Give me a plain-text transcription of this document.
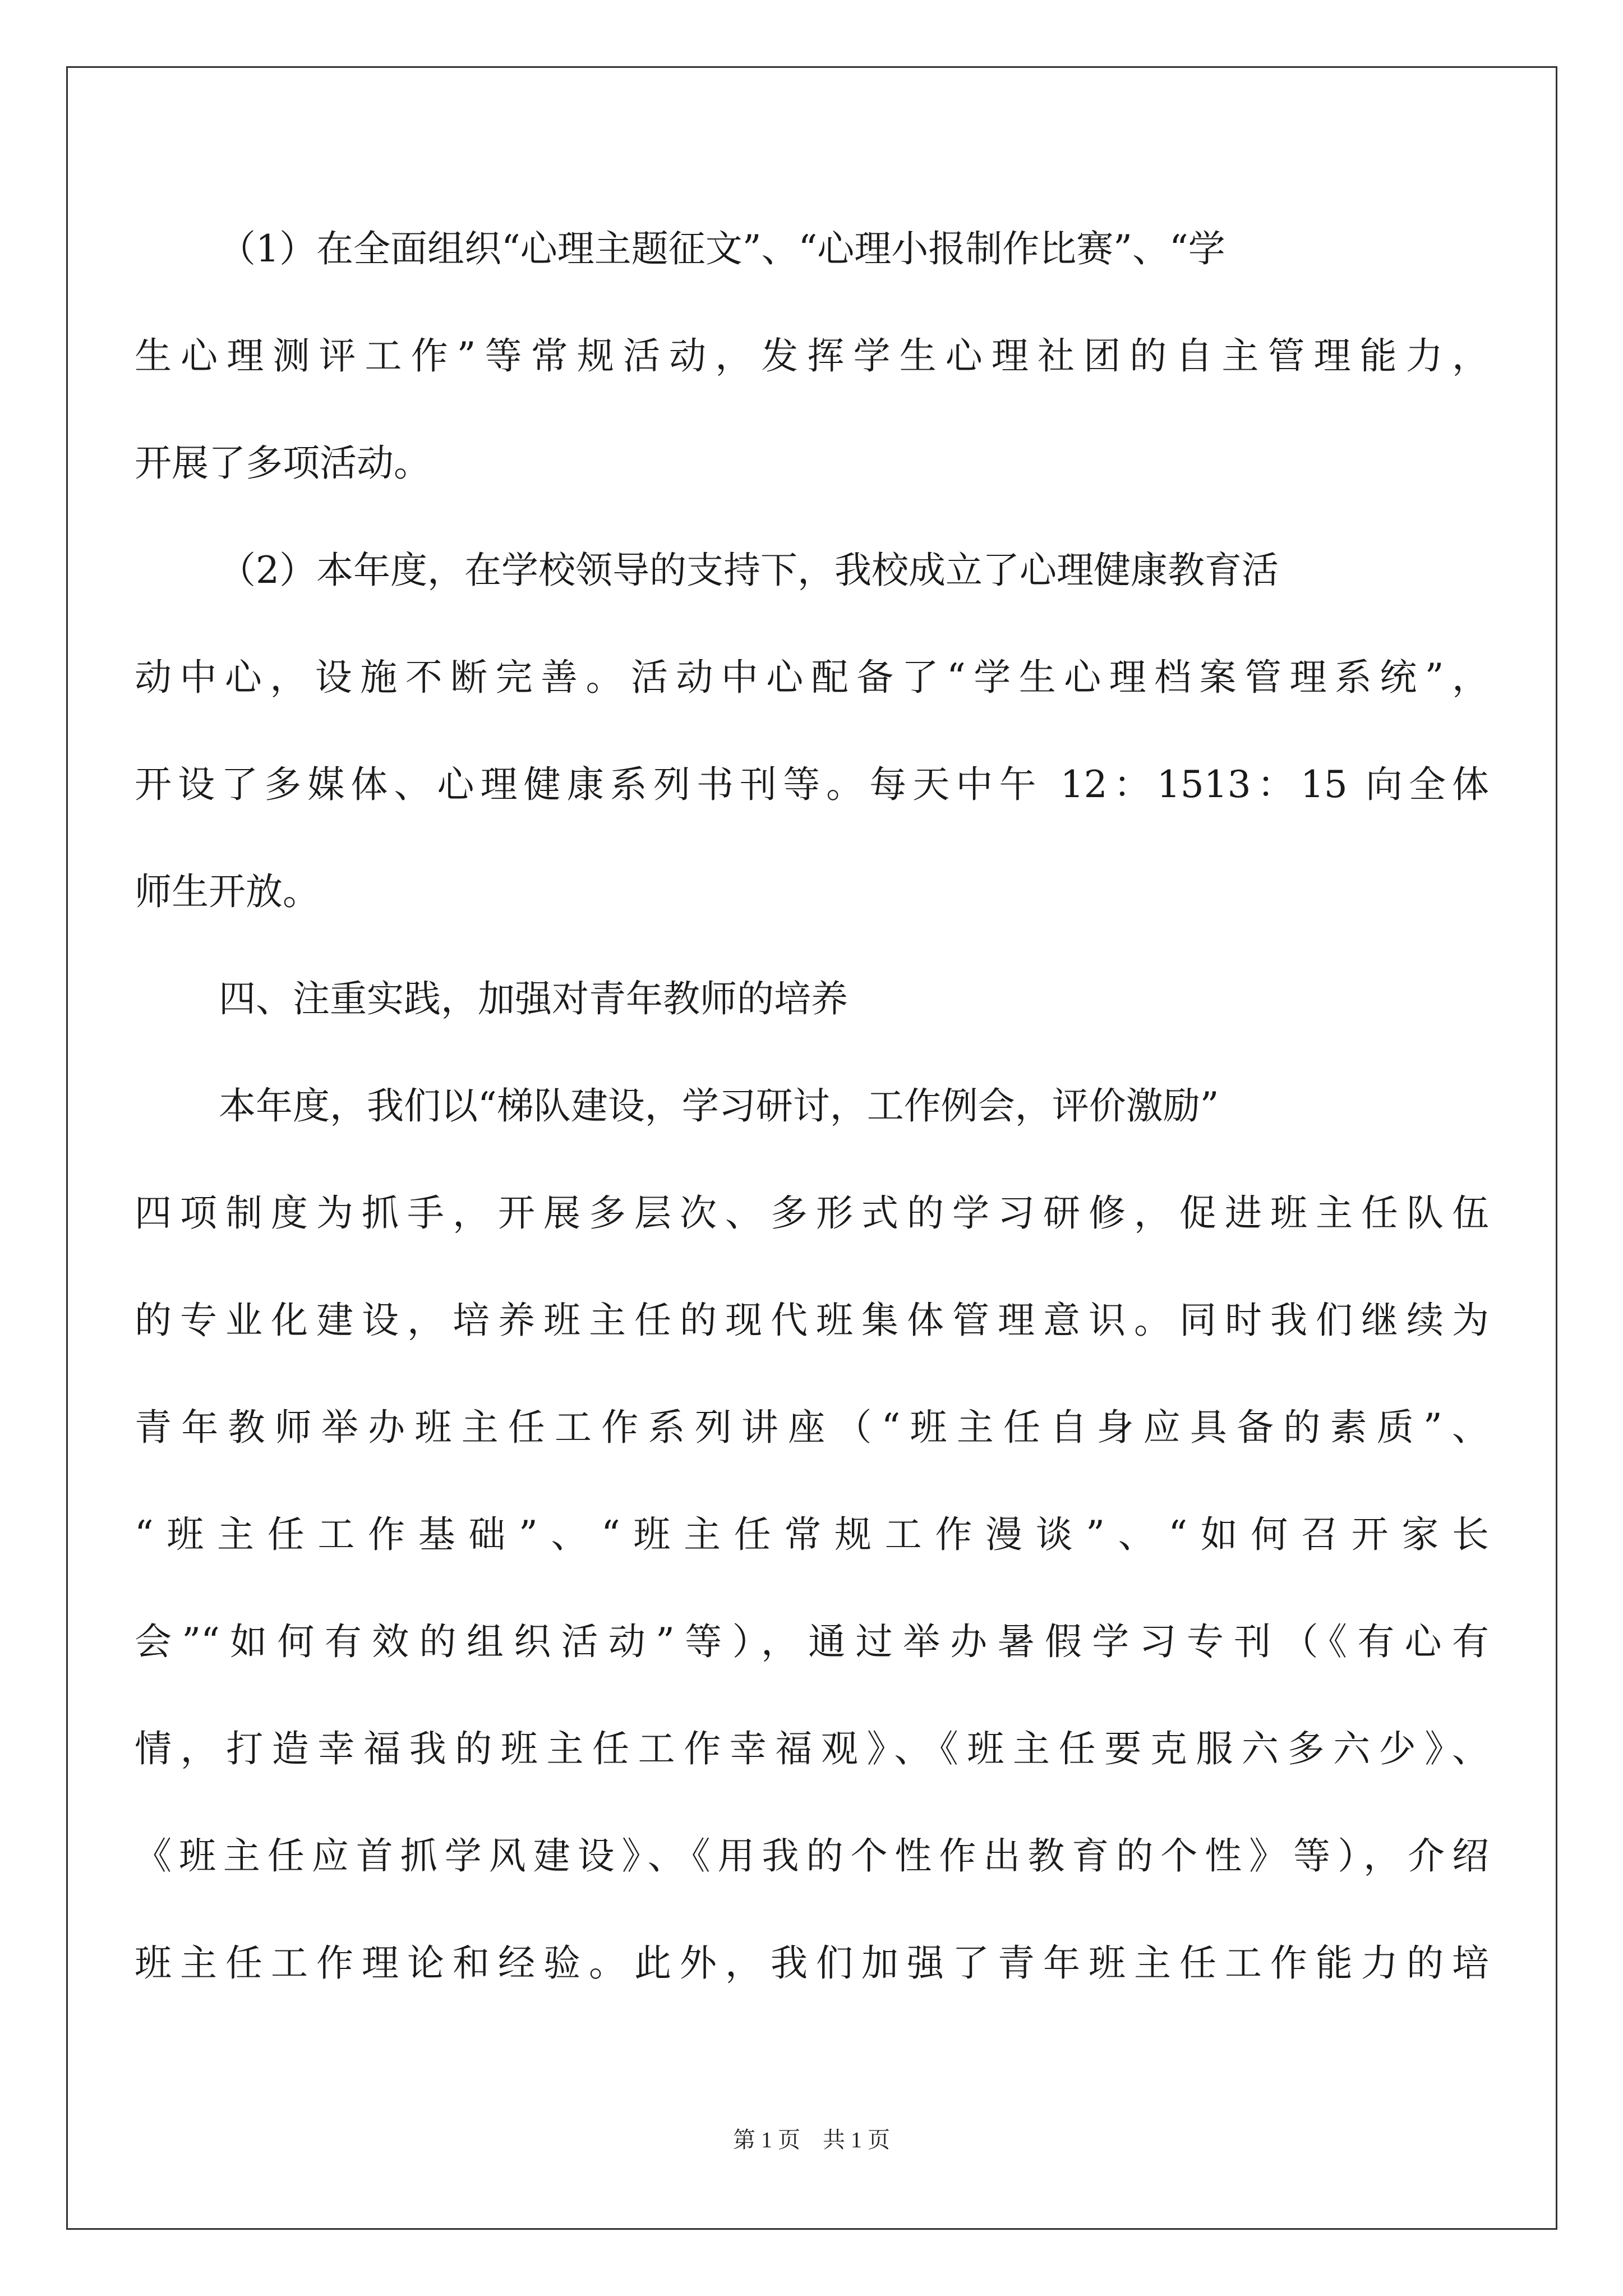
（1）在全面组织“心理主题征文”、“心理小报制作比赛”、“学
生心理测评工作”等常规活动，发挥学生心理社团的自主管理能力，
开展了多项活动。
（2）本年度，在学校领导的支持下，我校成立了心理健康教育活
动中心，设施不断完善。活动中心配备了“学生心理档案管理系统”，
开设了多媒体、心理健康系列书刊等。每天中午 12：1513：15 向全体
师生开放。
四、注重实践，加强对青年教师的培养
本年度，我们以“梯队建设，学习研讨，工作例会，评价激励”
四项制度为抓手，开展多层次、多形式的学习研修，促进班主任队伍
的专业化建设，培养班主任的现代班集体管理意识。同时我们继续为
青年教师举办班主任工作系列讲座（“班主任自身应具备的素质”、
“班主任工作基础”、“班主任常规工作漫谈”、“如何召开家长
会”“如何有效的组织活动”等），通过举办暑假学习专刊（《有心有
情，打造幸福我的班主任工作幸福观》、《班主任要克服六多六少》、
《班主任应首抓学风建设》、《用我的个性作出教育的个性》等），介绍
班主任工作理论和经验。此外，我们加强了青年班主任工作能力的培
第 1 页　共 1 页
